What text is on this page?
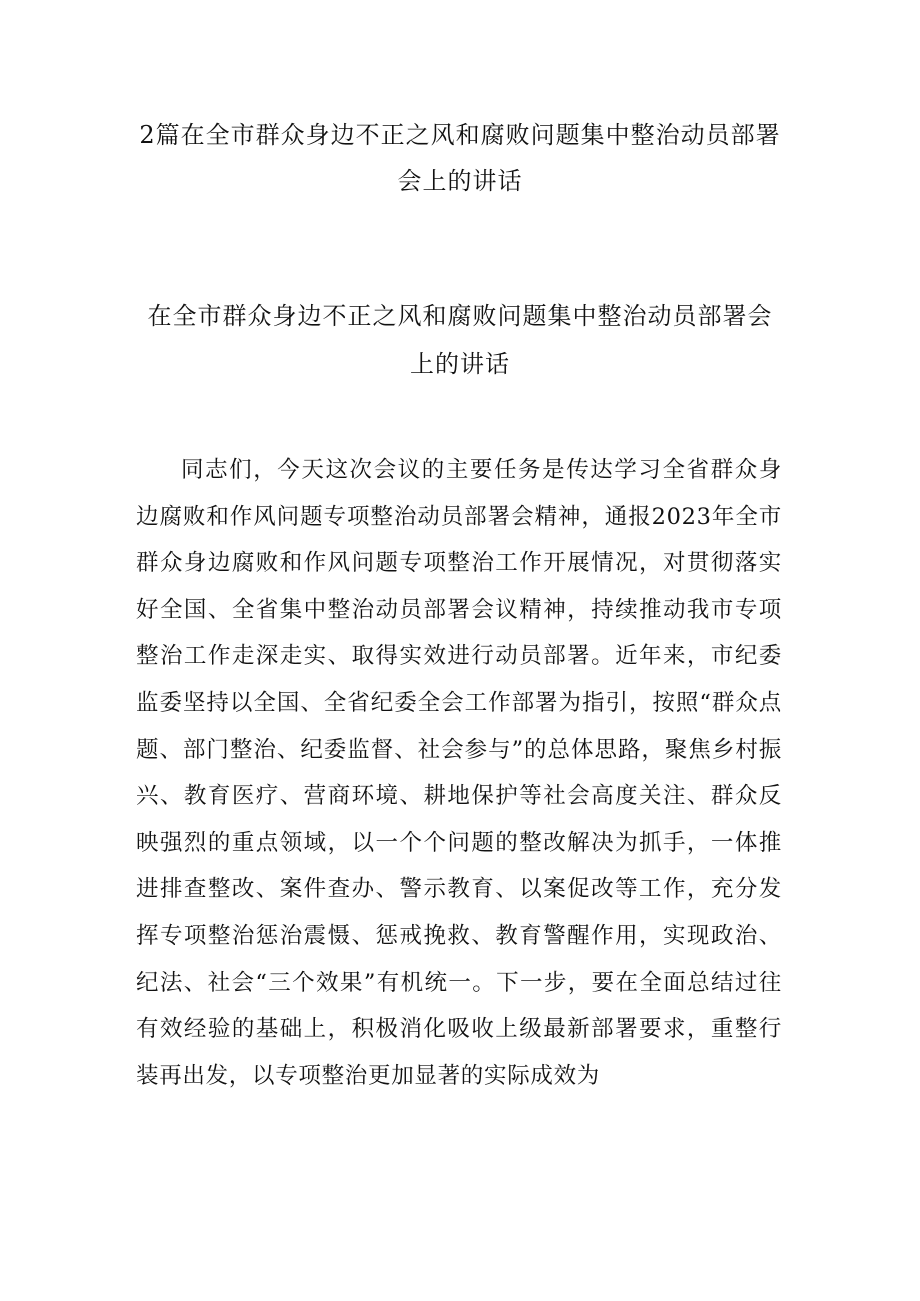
2篇在全市群众身边不正之风和腐败问题集中整治动员部署会上的讲话
在全市群众身边不正之风和腐败问题集中整治动员部署会上的讲话

同志们，今天这次会议的主要任务是传达学习全省群众身边腐败和作风问题专项整治动员部署会精神，通报2023年全市群众身边腐败和作风问题专项整治工作开展情况，对贯彻落实好全国、全省集中整治动员部署会议精神，持续推动我市专项整治工作走深走实、取得实效进行动员部署。近年来，市纪委监委坚持以全国、全省纪委全会工作部署为指引，按照“群众点题、部门整治、纪委监督、社会参与”的总体思路，聚焦乡村振兴、教育医疗、营商环境、耕地保护等社会高度关注、群众反映强烈的重点领域，以一个个问题的整改解决为抓手，一体推进排查整改、案件查办、警示教育、以案促改等工作，充分发挥专项整治惩治震慑、惩戒挽救、教育警醒作用，实现政治、纪法、社会“三个效果”有机统一。下一步，要在全面总结过往有效经验的基础上，积极消化吸收上级最新部署要求，重整行装再出发，以专项整治更加显著的实际成效为
